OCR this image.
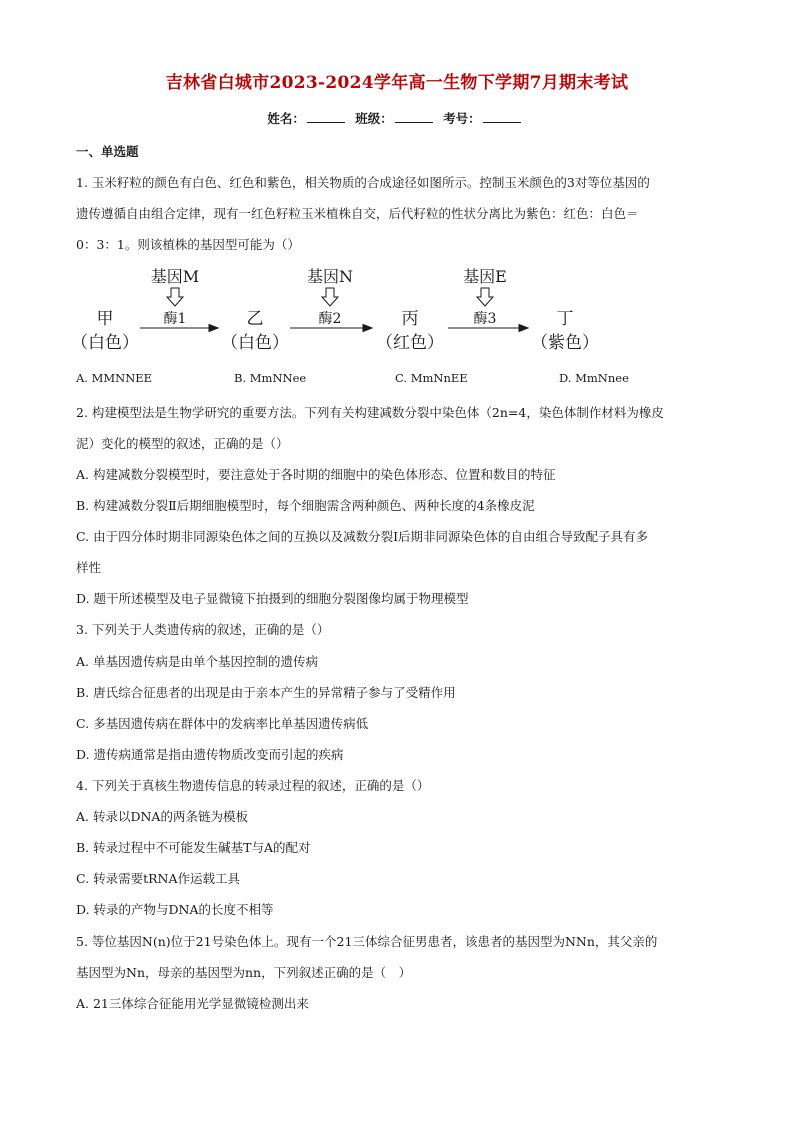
吉林省白城市2023-2024学年高一生物下学期7月期末考试
姓名：	班级：	考号：
一、单选题
1. 玉米籽粒的颜色有白色、红色和紫色，相关物质的合成途径如图所示。控制玉米颜色的3对等位基因的
遗传遵循自由组合定律，现有一红色籽粒玉米植株自交，后代籽粒的性状分离比为紫色：红色：白色＝
0：3：1。则该植株的基因型可能为（）
甲
（白色）
乙
（白色）
丙
（红色）
丁
（紫色）
基因M	基因N	基因E
酶1	酶2	酶3
A. MMNNEE	B. MmNNee	C. MmNnEE	D. MmNnee
2. 构建模型法是生物学研究的重要方法。下列有关构建减数分裂中染色体（2n=4，染色体制作材料为橡皮
泥）变化的模型的叙述，正确的是（）
A. 构建减数分裂模型时，要注意处于各时期的细胞中的染色体形态、位置和数目的特征
B. 构建减数分裂Ⅱ后期细胞模型时，每个细胞需含两种颜色、两种长度的4条橡皮泥
C. 由于四分体时期非同源染色体之间的互换以及减数分裂Ⅰ后期非同源染色体的自由组合导致配子具有多
样性
D. 题干所述模型及电子显微镜下拍摄到的细胞分裂图像均属于物理模型
3. 下列关于人类遗传病的叙述，正确的是（）
A. 单基因遗传病是由单个基因控制的遗传病
B. 唐氏综合征患者的出现是由于亲本产生的异常精子参与了受精作用
C. 多基因遗传病在群体中的发病率比单基因遗传病低
D. 遗传病通常是指由遗传物质改变而引起的疾病
4. 下列关于真核生物遗传信息的转录过程的叙述，正确的是（）
A. 转录以DNA的两条链为模板
B. 转录过程中不可能发生碱基T与A的配对
C. 转录需要tRNA作运载工具
D. 转录的产物与DNA的长度不相等
5. 等位基因N(n)位于21号染色体上。现有一个21三体综合征男患者，该患者的基因型为NNn，其父亲的
基因型为Nn，母亲的基因型为nn，下列叙述正确的是（　）
A. 21三体综合征能用光学显微镜检测出来
